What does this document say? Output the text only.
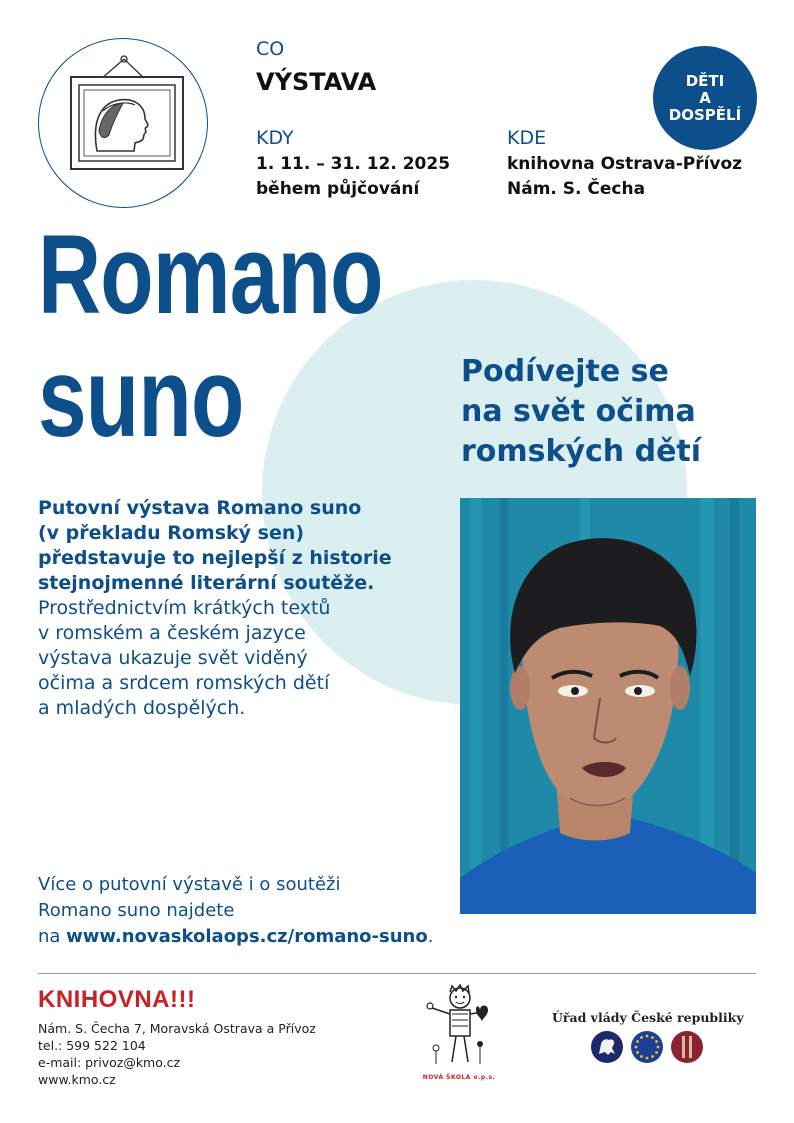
CO
VÝSTAVA
KDY
1. 11. – 31. 12. 2025
během půjčování
KDE
knihovna Ostrava-Přívoz
Nám. S. Čecha
DĚTI
A
DOSPĚLÍ
Romano
suno	Podívejte se
na svět očima
romských dětí
Putovní výstava Romano suno
(v překladu Romský sen)
představuje to nejlepší z historie
stejnojmenné literární soutěže.
Prostřednictvím krátkých textů
v romském a českém jazyce
výstava ukazuje svět viděný
očima a srdcem romských dětí
a mladých dospělých.
Více o putovní výstavě i o soutěži
Romano suno najdete
na www.novaskolaops.cz/romano-suno.
KNIHOVNA!!!
Nám. S. Čecha 7, Moravská Ostrava a Přívoz
tel.: 599 522 104
e-mail: privoz@kmo.cz
www.kmo.cz	NOVÁ ŠKOLA o.p.s.
Úřad vlády České republiky
